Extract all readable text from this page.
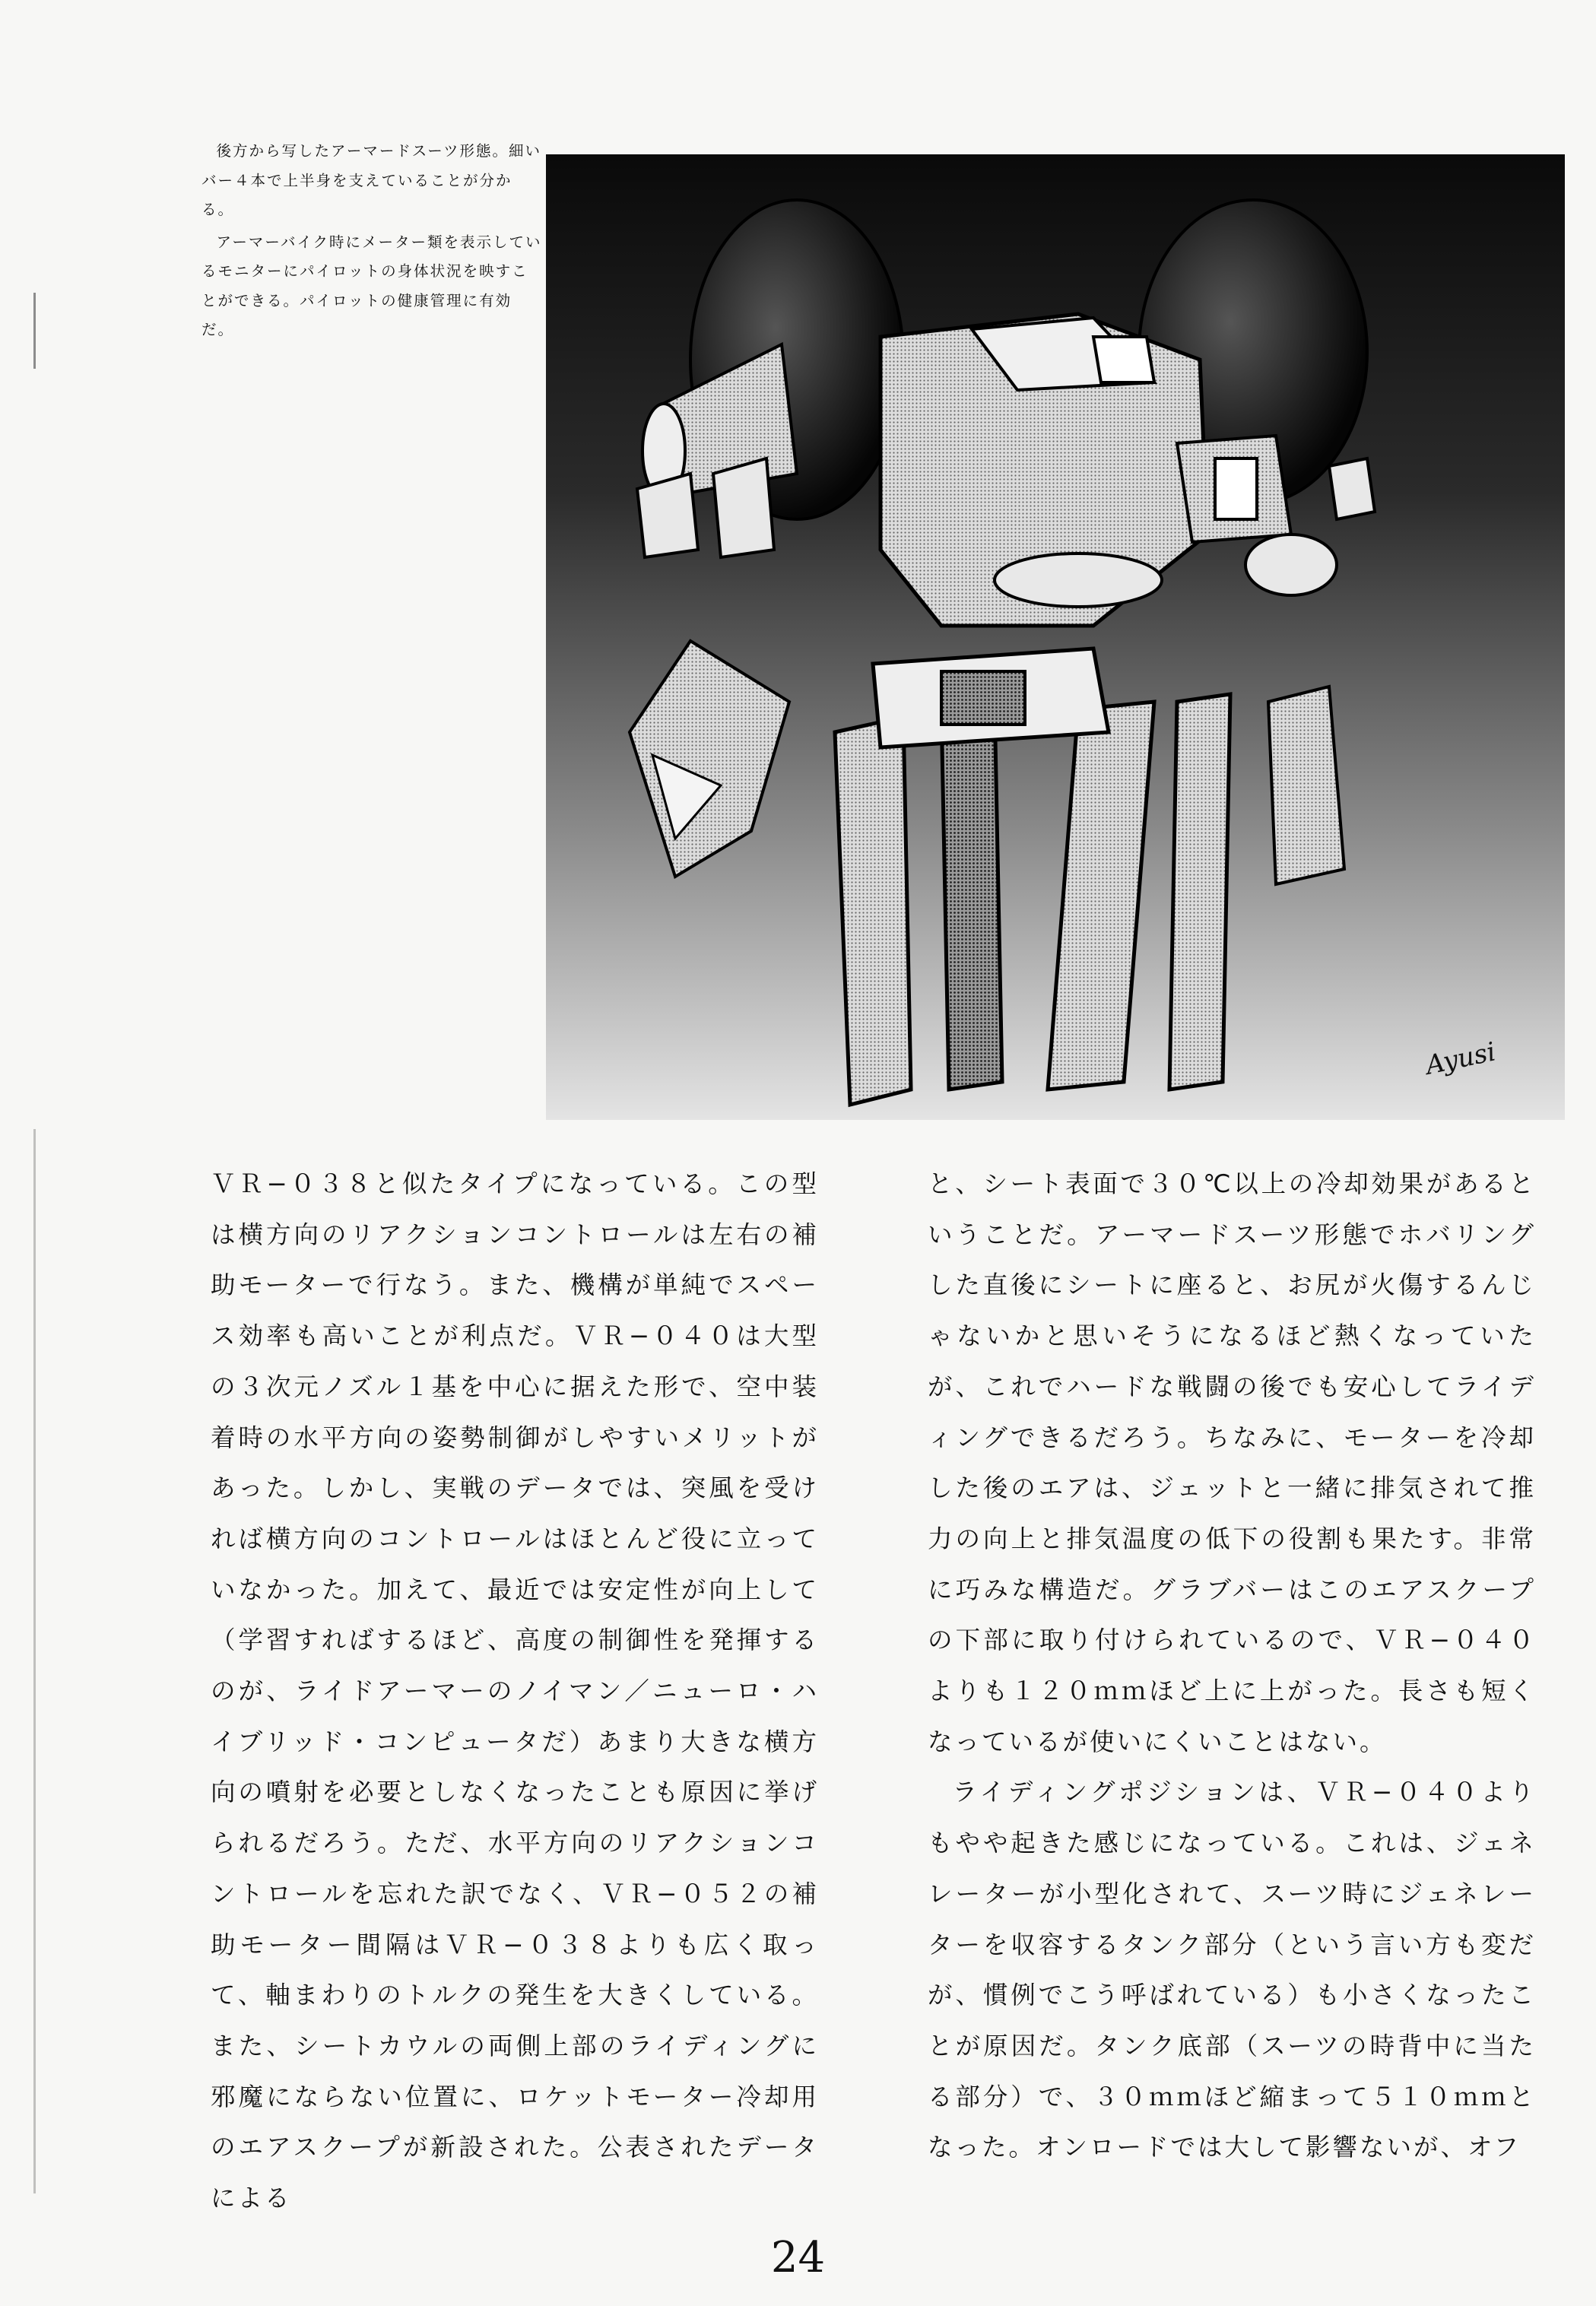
後方から写したアーマードスーツ形態。細いバー４本で上半身を支えていることが分かる。

アーマーバイク時にメーター類を表示しているモニターにパイロットの身体状況を映すことができる。パイロットの健康管理に有効だ。

Ayusi

ＶＲ−０３８と似たタイプになっている。この型は横方向のリアクションコントロールは左右の補助モーターで行なう。また、機構が単純でスペース効率も高いことが利点だ。ＶＲ−０４０は大型の３次元ノズル１基を中心に据えた形で、空中装着時の水平方向の姿勢制御がしやすいメリットがあった。しかし、実戦のデータでは、突風を受ければ横方向のコントロールはほとんど役に立っていなかった。加えて、最近では安定性が向上して（学習すればするほど、高度の制御性を発揮するのが、ライドアーマーのノイマン／ニューロ・ハイブリッド・コンピュータだ）あまり大きな横方向の噴射を必要としなくなったことも原因に挙げられるだろう。ただ、水平方向のリアクションコントロールを忘れた訳でなく、ＶＲ−０５２の補助モーター間隔はＶＲ−０３８よりも広く取って、軸まわりのトルクの発生を大きくしている。また、シートカウルの両側上部のライディングに邪魔にならない位置に、ロケットモーター冷却用のエアスクープが新設された。公表されたデータによる

と、シート表面で３０℃以上の冷却効果があるということだ。アーマードスーツ形態でホバリングした直後にシートに座ると、お尻が火傷するんじゃないかと思いそうになるほど熱くなっていたが、これでハードな戦闘の後でも安心してライディングできるだろう。ちなみに、モーターを冷却した後のエアは、ジェットと一緒に排気されて推力の向上と排気温度の低下の役割も果たす。非常に巧みな構造だ。グラブバーはこのエアスクープの下部に取り付けられているので、ＶＲ−０４０よりも１２０ｍｍほど上に上がった。長さも短くなっているが使いにくいことはない。

ライディングポジションは、ＶＲ−０４０よりもやや起きた感じになっている。これは、ジェネレーターが小型化されて、スーツ時にジェネレーターを収容するタンク部分（という言い方も変だが、慣例でこう呼ばれている）も小さくなったことが原因だ。タンク底部（スーツの時背中に当たる部分）で、３０ｍｍほど縮まって５１０ｍｍとなった。オンロードでは大して影響ないが、オフ

24
